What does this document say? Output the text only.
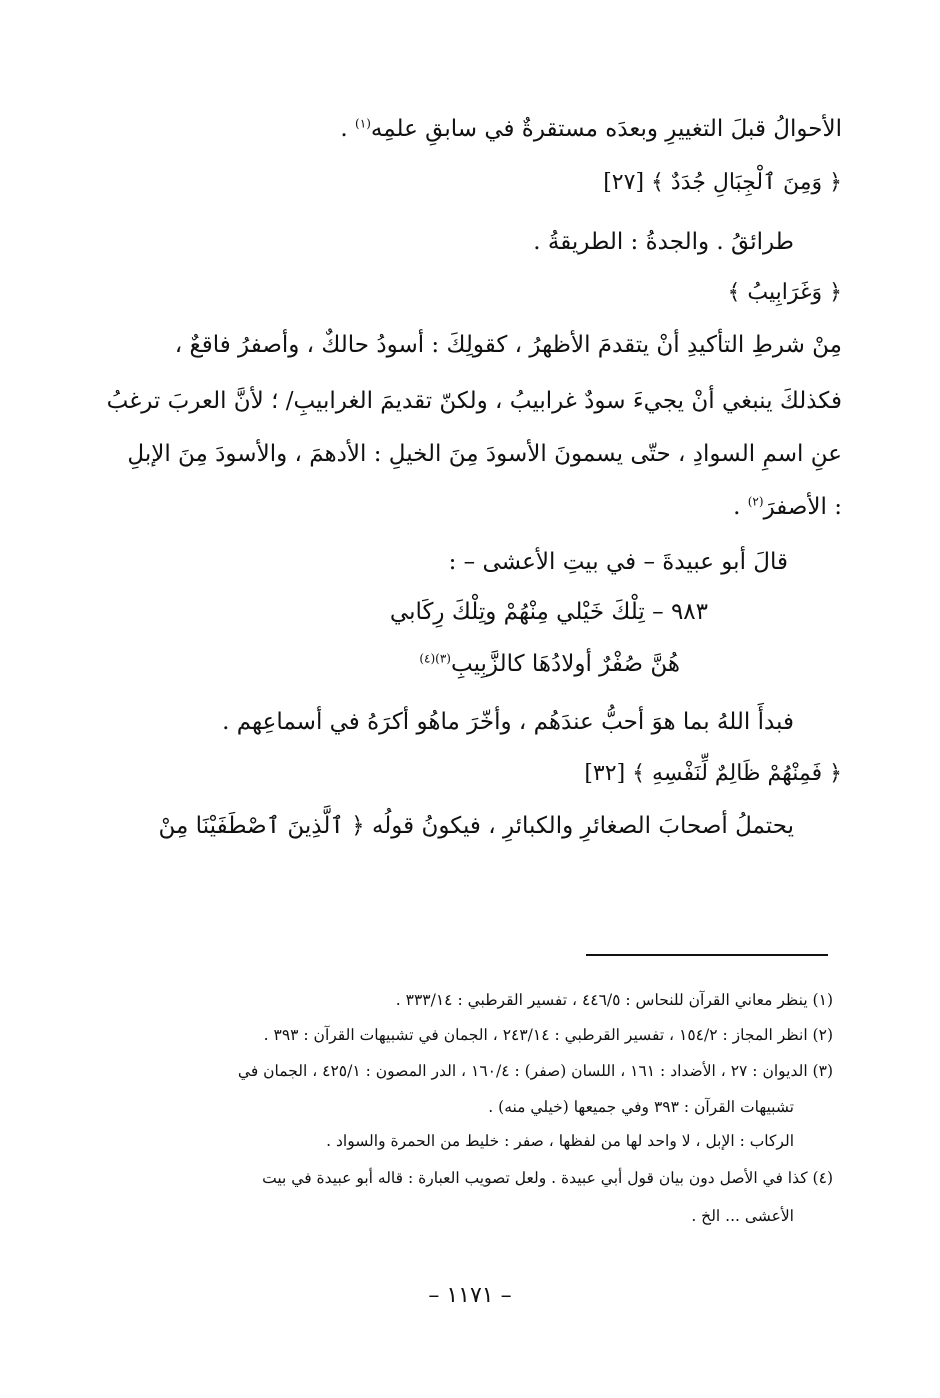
الأحوالُ قبلَ التغييرِ وبعدَه مستقرةٌ في سابقِ علمِه$^{(١)}$ .
﴿ وَمِنَ ٱلْجِبَالِ جُدَدٌ ﴾ [٢٧]
طرائقُ . والجدةُ : الطريقةُ .
﴿ وَغَرَابِيبُ ﴾
مِنْ شرطِ التأكيدِ أنْ يتقدمَ الأظهرُ ، كقولِكَ : أسودُ حالكٌ ، وأصفرُ فاقعٌ ،
فكذلكَ ينبغي أنْ يجيءَ سودٌ غرابيبُ ، ولكنّ تقديمَ الغرابيبِ/ ؛ لأنَّ العربَ ترغبُ
عنِ اسمِ السوادِ ، حتّى يسمونَ الأسودَ مِنَ الخيلِ : الأدهمَ ، والأسودَ مِنَ الإبلِ
: الأصفرَ$^{(٢)}$ .
قالَ أبو عبيدةَ – في بيتِ الأعشى – :
٩٨٣ – تِلْكَ خَيْلي مِنْهُمْ وتِلْكَ رِكَابي
هُنَّ صُفْرٌ أولادُهَا كالزَّبِيبِ$^{(٣)(٤)}$
فبدأَ اللهُ بما هوَ أحبُّ عندَهُم ، وأخّرَ ماهُو أكرَهُ في أسماعِهم .
﴿ فَمِنْهُمْ ظَالِمٌ لِّنَفْسِهِ ﴾ [٣٢]
يحتملُ أصحابَ الصغائرِ والكبائرِ ، فيكونُ قولُه ﴿ ٱلَّذِينَ ٱصْطَفَيْنَا مِنْ
(١) ينظر معاني القرآن للنحاس : ٤٤٦/٥ ، تفسير القرطبي : ٣٣٣/١٤ .
(٢) انظر المجاز : ١٥٤/٢ ، تفسير القرطبي : ٢٤٣/١٤ ، الجمان في تشبيهات القرآن : ٣٩٣ .
(٣) الديوان : ٢٧ ، الأضداد : ١٦١ ، اللسان (صفر) : ١٦٠/٤ ، الدر المصون : ٤٢٥/١ ، الجمان في
تشبيهات القرآن : ٣٩٣ وفي جميعها (خيلي منه) .
الركاب : الإبل ، لا واحد لها من لفظها ، صفر : خليط من الحمرة والسواد .
(٤) كذا في الأصل دون بيان قول أبي عبيدة . ولعل تصويب العبارة : قاله أبو عبيدة في بيت
الأعشى ... الخ .
– ١١٧١ –
